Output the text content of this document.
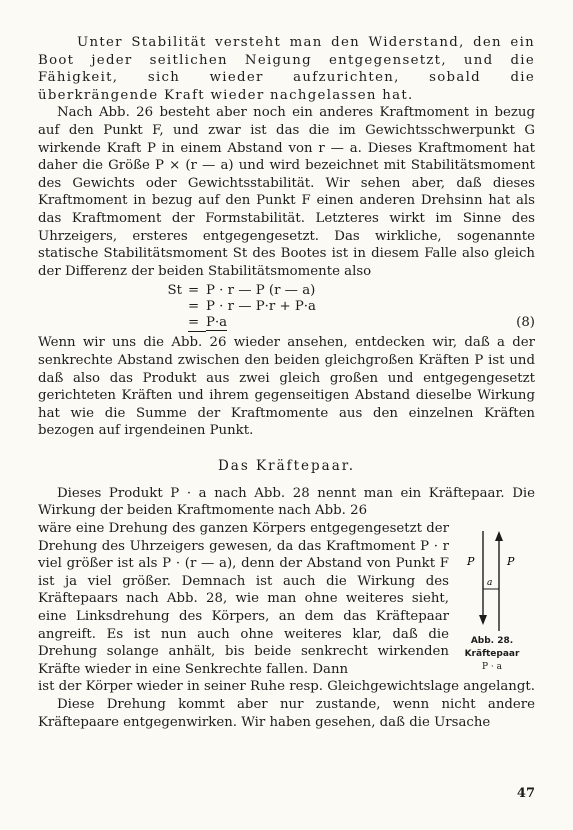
Unter Stabilität versteht man den Widerstand, den ein Boot jeder seitlichen Neigung entgegensetzt, und die Fähigkeit, sich wieder aufzurichten, sobald die überkrängende Kraft wieder nachgelassen hat.

Nach Abb. 26 besteht aber noch ein anderes Kraftmoment in bezug auf den Punkt F, und zwar ist das die im Gewichtsschwerpunkt G wirkende Kraft P in einem Abstand von r — a. Dieses Kraftmoment hat daher die Größe P × (r — a) und wird bezeichnet mit Stabilitätsmoment des Gewichts oder Gewichtsstabilität. Wir sehen aber, daß dieses Kraftmoment in bezug auf den Punkt F einen anderen Drehsinn hat als das Kraftmoment der Formstabilität. Letzteres wirkt im Sinne des Uhrzeigers, ersteres entgegengesetzt. Das wirkliche, sogenannte statische Stabilitätsmoment St des Bootes ist in diesem Falle also gleich der Differenz der beiden Stabilitätsmomente also

St = P · r — P (r — a)
= P · r — P·r + P·a
= P·a	(8)

Wenn wir uns die Abb. 26 wieder ansehen, entdecken wir, daß a der senkrechte Abstand zwischen den beiden gleichgroßen Kräften P ist und daß also das Produkt aus zwei gleich großen und entgegengesetzt gerichteten Kräften und ihrem gegenseitigen Abstand dieselbe Wirkung hat wie die Summe der Kraftmomente aus den einzelnen Kräften bezogen auf irgendeinen Punkt.

Das Kräftepaar.

Dieses Produkt P · a nach Abb. 28 nennt man ein Kräftepaar. Die Wirkung der beiden Kraftmomente nach Abb. 26

wäre eine Drehung des ganzen Körpers entgegengesetzt der Drehung des Uhrzeigers gewesen, da das Kraftmoment P · r viel größer ist als P · (r — a), denn der Abstand von Punkt F ist ja viel größer. Demnach ist auch die Wirkung des Kräftepaars nach Abb. 28, wie man ohne weiteres sieht, eine Linksdrehung des Körpers, an dem das Kräftepaar angreift. Es ist nun auch ohne weiteres klar, daß die Drehung solange anhält, bis beide senkrecht wirkenden Kräfte wieder in eine Senkrechte fallen. Dann

P	P
a
Abb. 28.
Kräftepaar
P · a

ist der Körper wieder in seiner Ruhe resp. Gleichgewichtslage angelangt.

Diese Drehung kommt aber nur zustande, wenn nicht andere Kräftepaare entgegenwirken. Wir haben gesehen, daß die Ursache

47
